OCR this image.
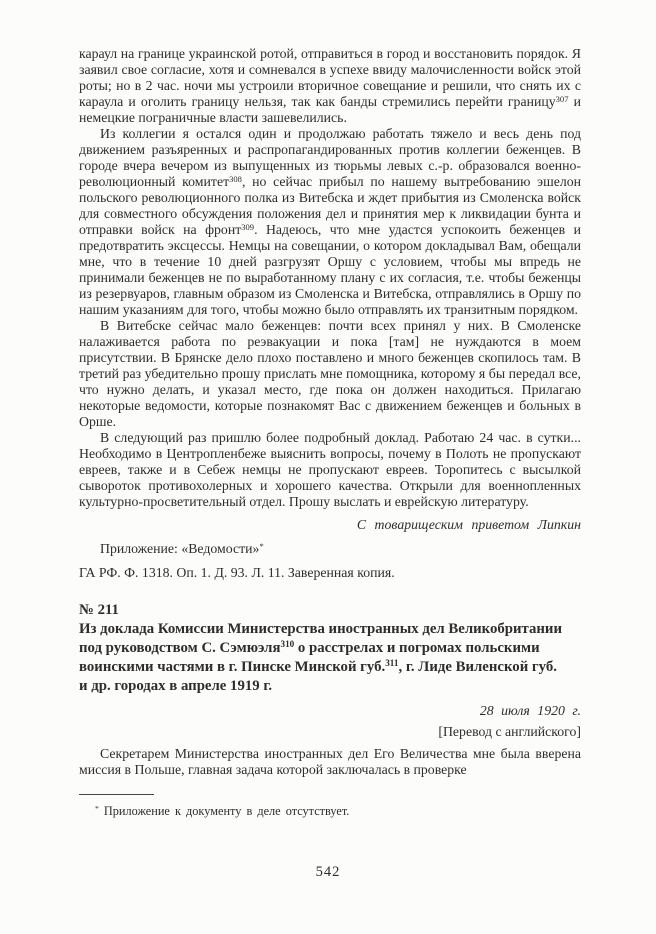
караул на границе украинской ротой, отправиться в город и восстановить порядок. Я заявил свое согласие, хотя и сомневался в успехе ввиду малочисленности войск этой роты; но в 2 час. ночи мы устроили вторичное совещание и решили, что снять их с караула и оголить границу нельзя, так как банды стремились перейти границу$^{307}$ и немецкие пограничные власти зашевелились.

Из коллегии я остался один и продолжаю работать тяжело и весь день под движением разъяренных и распропагандированных против коллегии беженцев. В городе вчера вечером из выпущенных из тюрьмы левых с.-р. образовался военно-революционный комитет$^{308}$, но сейчас прибыл по нашему вытребованию эшелон польского революционного полка из Витебска и ждет прибытия из Смоленска войск для совместного обсуждения положения дел и принятия мер к ликвидации бунта и отправки войск на фронт$^{309}$. Надеюсь, что мне удастся успокоить беженцев и предотвратить эксцессы. Немцы на совещании, о котором докладывал Вам, обещали мне, что в течение 10 дней разгрузят Оршу с условием, чтобы мы впредь не принимали беженцев не по выработанному плану с их согласия, т.е. чтобы беженцы из резервуаров, главным образом из Смоленска и Витебска, отправлялись в Оршу по нашим указаниям для того, чтобы можно было отправлять их транзитным порядком.

В Витебске сейчас мало беженцев: почти всех принял у них. В Смоленске налаживается работа по реэвакуации и пока [там] не нуждаются в моем присутствии. В Брянске дело плохо поставлено и много беженцев скопилось там. В третий раз убедительно прошу прислать мне помощника, которому я бы передал все, что нужно делать, и указал место, где пока он должен находиться. Прилагаю некоторые ведомости, которые познакомят Вас с движением беженцев и больных в Орше.

В следующий раз пришлю более подробный доклад. Работаю 24 час. в сутки... Необходимо в Центропленбеже выяснить вопросы, почему в Полоть не пропускают евреев, также и в Себеж немцы не пропускают евреев. Торопитесь с высылкой сывороток противохолерных и хорошего качества. Открыли для военнопленных культурно-просветительный отдел. Прошу выслать и еврейскую литературу.

С товарищеским приветом Липкин
Приложение: «Ведомости»*
ГА РФ. Ф. 1318. Оп. 1. Д. 93. Л. 11. Заверенная копия.
№ 211
Из доклада Комиссии Министерства иностранных дел Великобритании
под руководством С. Сэмюэля$^{310}$ о расстрелах и погромах польскими
воинскими частями в г. Пинске Минской губ.$^{311}$, г. Лиде Виленской губ.
и др. городах в апреле 1919 г.
28 июля 1920 г.
[Перевод с английского]

Секретарем Министерства иностранных дел Его Величества мне была вверена миссия в Польше, главная задача которой заключалась в проверке

* Приложение к документу в деле отсутствует.
542
